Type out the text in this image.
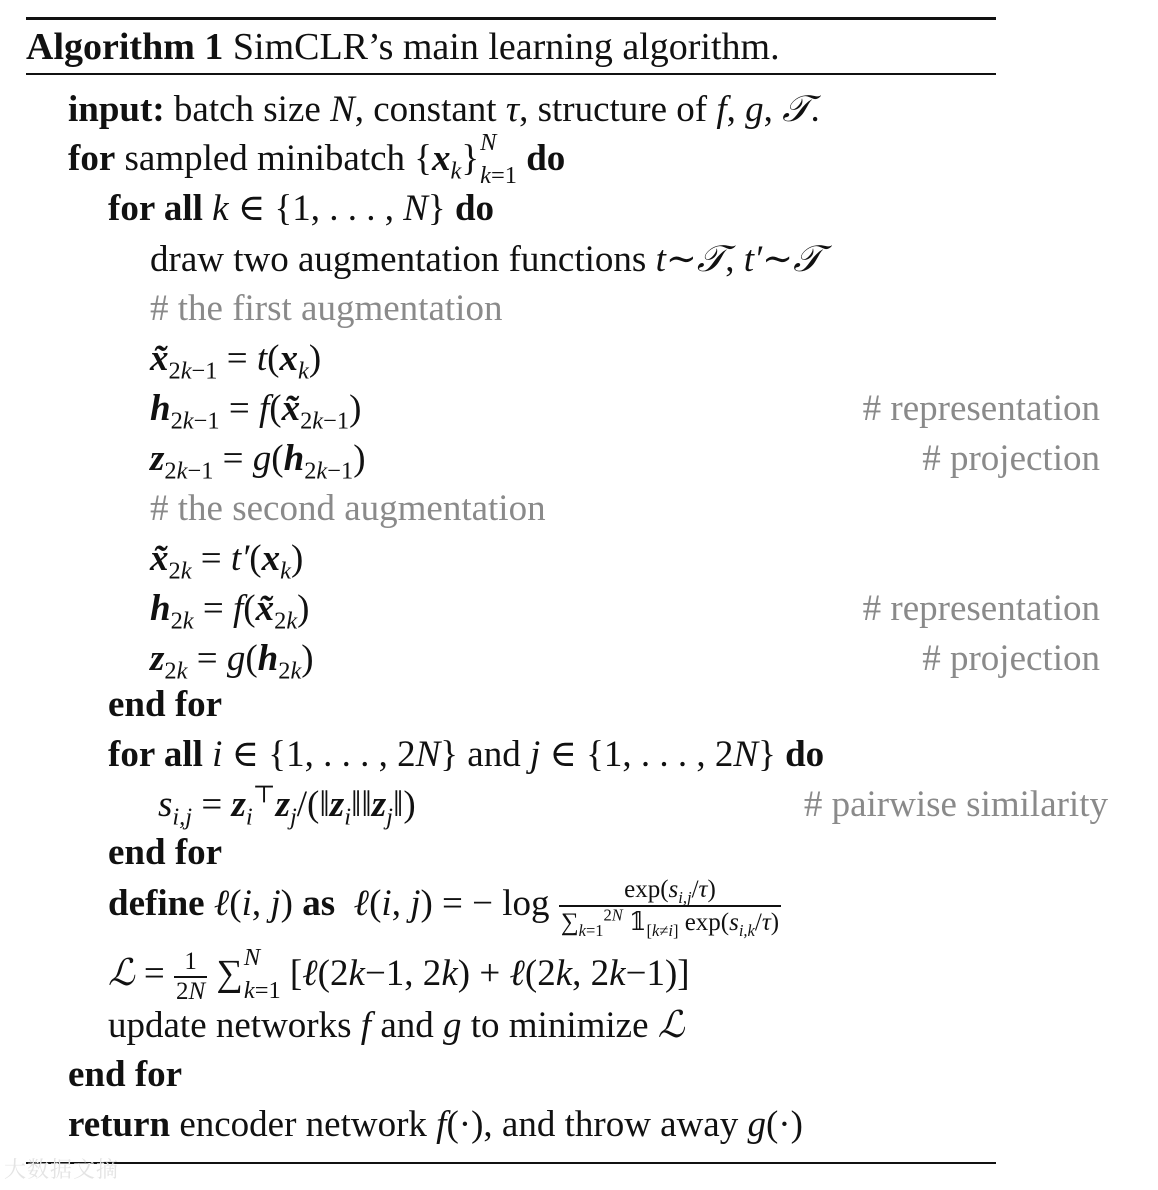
Algorithm 1 SimCLR’s main learning algorithm.
input: batch size N, constant τ, structure of f, g, 𝒯.
for sampled minibatch $\{x_k\}$ N
k=1 do
for all k ∈ {1, . . . , N} do
draw two augmentation functions t∼𝒯, t′∼𝒯
# the first augmentation
$x̃_{2k-1} = t(x_k)$
$h_{2k-1}$ = $f(x̃_{2k-1})$	# representation
$z_{2k-1} = g(h_{2k-1})$	# projection
# the second augmentation
$x̃_{2k} = t'(x_k)$
$h_{2k}$ = $f(x̃_{2k})$	# representation
$z_{2k} = g(h_{2k})$	# projection
end for
for all i ∈ {1, . . . , 2N} and j ∈ {1, . . . , 2N} do
$s_{i,j}$ = $z_i^⊤z_j/(‖z_i‖‖z_j‖)$	# pairwise similarity
end for
define ℓ(i, j) as ℓ(i, j) = − $\log \frac{\exp(s_{i,j}/\tau)}{\sum_{k=1}^{2N} 𝟙_{[k\ne i]} \exp(s_{i,k}/\tau)}$
ℒ = $\frac{1}{2N}$ ∑ N
k=1 [ℓ(2k−1, 2k) + ℓ(2k, 2k−1)]
update networks f and g to minimize ℒ
end for
return encoder network f(·), and throw away g(·)
大数据文摘
